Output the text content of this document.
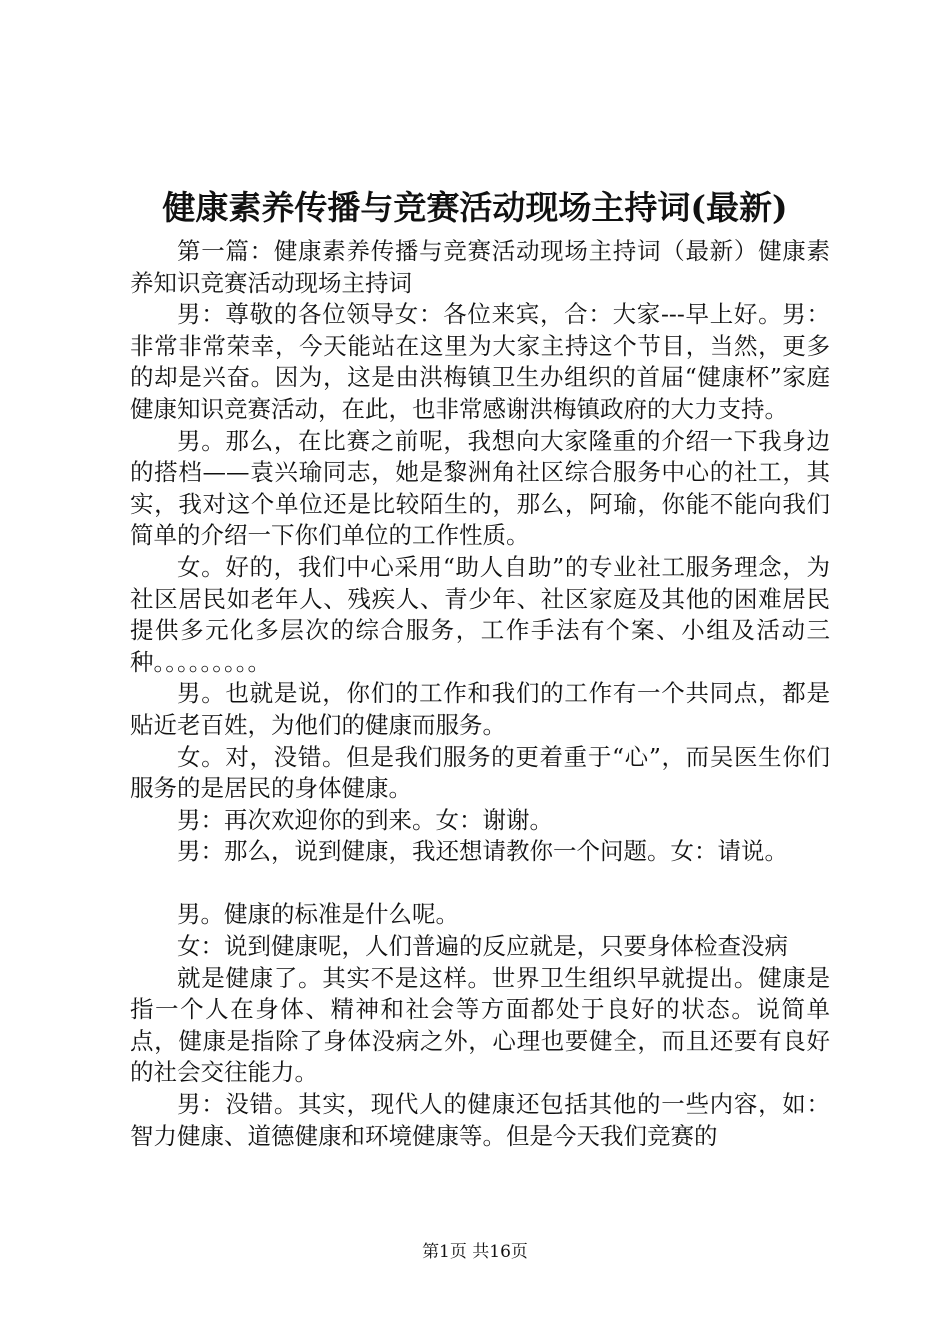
健康素养传播与竞赛活动现场主持词(最新)

第一篇：健康素养传播与竞赛活动现场主持词（最新）健康素养知识竞赛活动现场主持词

男：尊敬的各位领导女：各位来宾，合：大家---早上好。男：非常非常荣幸，今天能站在这里为大家主持这个节目，当然，更多的却是兴奋。因为，这是由洪梅镇卫生办组织的首届“健康杯”家庭健康知识竞赛活动，在此，也非常感谢洪梅镇政府的大力支持。

男。那么，在比赛之前呢，我想向大家隆重的介绍一下我身边的搭档——袁兴瑜同志，她是黎洲角社区综合服务中心的社工，其实，我对这个单位还是比较陌生的，那么，阿瑜，你能不能向我们简单的介绍一下你们单位的工作性质。

女。好的，我们中心采用“助人自助”的专业社工服务理念，为社区居民如老年人、残疾人、青少年、社区家庭及其他的困难居民提供多元化多层次的综合服务，工作手法有个案、小组及活动三种。。。。。。。。。

男。也就是说，你们的工作和我们的工作有一个共同点，都是贴近老百姓，为他们的健康而服务。

女。对，没错。但是我们服务的更着重于“心”，而吴医生你们服务的是居民的身体健康。

男：再次欢迎你的到来。女：谢谢。

男：那么，说到健康，我还想请教你一个问题。女：请说。

男。健康的标准是什么呢。

女：说到健康呢，人们普遍的反应就是，只要身体检查没病

就是健康了。其实不是这样。世界卫生组织早就提出。健康是指一个人在身体、精神和社会等方面都处于良好的状态。说简单点，健康是指除了身体没病之外，心理也要健全，而且还要有良好的社会交往能力。

男：没错。其实，现代人的健康还包括其他的一些内容，如：智力健康、道德健康和环境健康等。但是今天我们竞赛的

第1页 共16页
